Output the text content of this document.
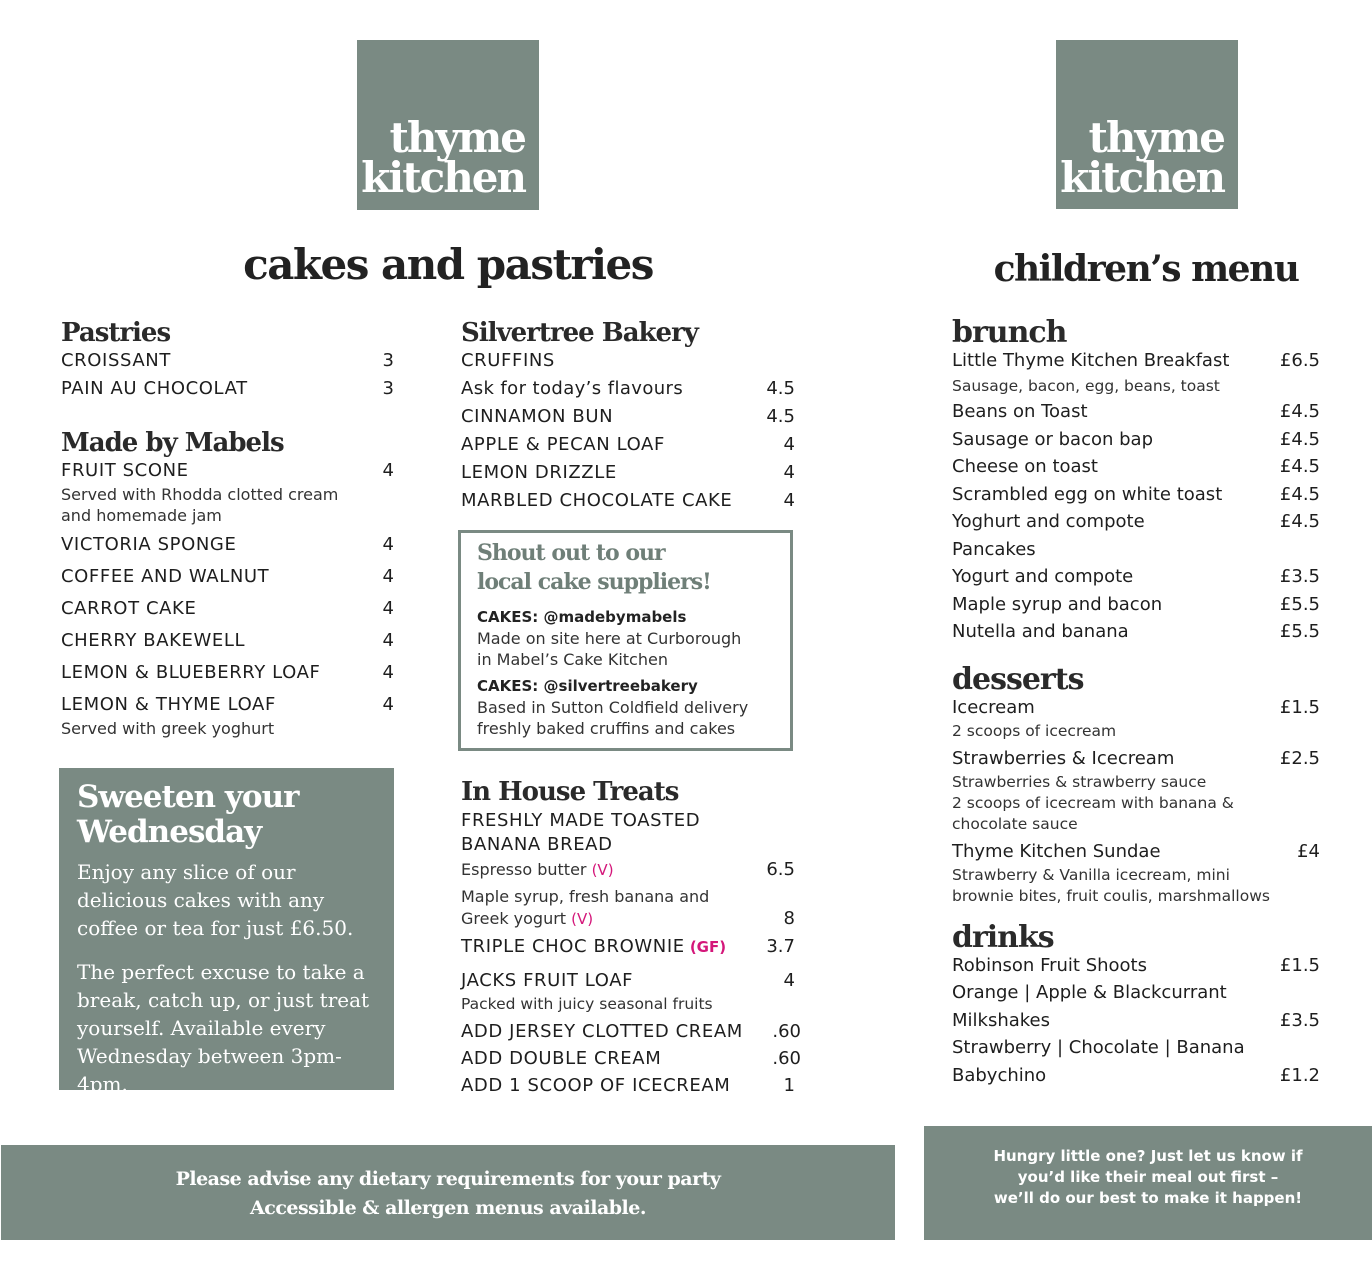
thyme
kitchen
cakes and pastries
Pastries
CROISSANT	3
PAIN AU CHOCOLAT	3
Made by Mabels
FRUIT SCONE	4
Served with Rhodda clotted cream
and homemade jam
VICTORIA SPONGE	4
COFFEE AND WALNUT	4
CARROT CAKE	4
CHERRY BAKEWELL	4
LEMON & BLUEBERRY LOAF	4
LEMON & THYME LOAF	4
Served with greek yoghurt
Sweeten your
Wednesday
Enjoy any slice of our delicious cakes with any coffee or tea for just £6.50.
The perfect excuse to take a break, catch up, or just treat yourself. Available every Wednesday between 3pm-4pm.
Silvertree Bakery
CRUFFINS
Ask for today’s flavours	4.5
CINNAMON BUN	4.5
APPLE & PECAN LOAF	4
LEMON DRIZZLE	4
MARBLED CHOCOLATE CAKE	4
Shout out to our
local cake suppliers!
CAKES: @madebymabels
Made on site here at Curborough
in Mabel’s Cake Kitchen
CAKES: @silvertreebakery
Based in Sutton Coldfield delivery
freshly baked cruffins and cakes
In House Treats
FRESHLY MADE TOASTED
BANANA BREAD
Espresso butter (V)	6.5
Maple syrup, fresh banana and
Greek yogurt (V)	8
TRIPLE CHOC BROWNIE (GF) 3.7
JACKS FRUIT LOAF	4
Packed with juicy seasonal fruits
ADD JERSEY CLOTTED CREAM .60
ADD DOUBLE CREAM	.60
ADD 1 SCOOP OF ICECREAM	1
Please advise any dietary requirements for your party
Accessible & allergen menus available.
thyme
kitchen
children’s menu
brunch
Little Thyme Kitchen Breakfast	£6.5
Sausage, bacon, egg, beans, toast
Beans on Toast	£4.5
Sausage or bacon bap	£4.5
Cheese on toast	£4.5
Scrambled egg on white toast	£4.5
Yoghurt and compote	£4.5
Pancakes
Yogurt and compote	£3.5
Maple syrup and bacon	£5.5
Nutella and banana	£5.5
desserts
Icecream	£1.5
2 scoops of icecream
Strawberries & Icecream	£2.5
Strawberries & strawberry sauce
2 scoops of icecream with banana &
chocolate sauce
Thyme Kitchen Sundae	£4
Strawberry & Vanilla icecream, mini
brownie bites, fruit coulis, marshmallows
drinks
Robinson Fruit Shoots	£1.5
Orange | Apple & Blackcurrant
Milkshakes	£3.5
Strawberry | Chocolate | Banana
Babychino	£1.2
Hungry little one? Just let us know if
you’d like their meal out first –
we’ll do our best to make it happen!
